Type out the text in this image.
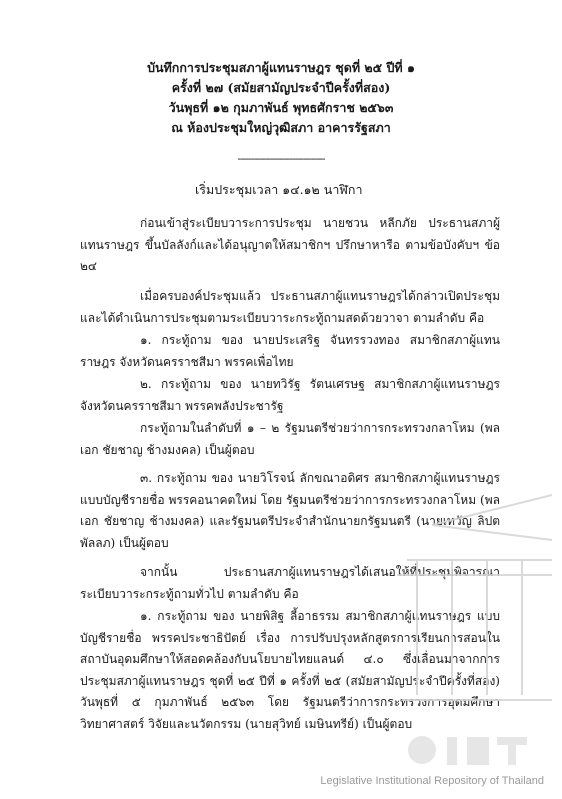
บันทึกการประชุมสภาผู้แทนราษฎร ชุดที่ ๒๕ ปีที่ ๑
ครั้งที่ ๒๗ (สมัยสามัญประจำปีครั้งที่สอง)
วันพุธที่ ๑๒ กุมภาพันธ์ พุทธศักราช ๒๕๖๓
ณ ห้องประชุมใหญ่วุฒิสภา อาคารรัฐสภา
--------------------------------
เริ่มประชุมเวลา ๑๔.๑๒ นาฬิกา

ก่อนเข้าสู่ระเบียบวาระการประชุม นายชวน หลีกภัย ประธานสภาผู้แทนราษฎร ขึ้นบัลลังก์และได้อนุญาตให้สมาชิกฯ ปรึกษาหารือ ตามข้อบังคับฯ ข้อ ๒๔

เมื่อครบองค์ประชุมแล้ว ประธานสภาผู้แทนราษฎรได้กล่าวเปิดประชุม และได้ดำเนินการประชุมตามระเบียบวาระกระทู้ถามสดด้วยวาจา ตามลำดับ คือ

๑. กระทู้ถาม ของ นายประเสริฐ จันทรรวงทอง สมาชิกสภาผู้แทนราษฎร จังหวัดนครราชสีมา พรรคเพื่อไทย

๒. กระทู้ถาม ของ นายทวิรัฐ รัตนเศรษฐ สมาชิกสภาผู้แทนราษฎร จังหวัดนครราชสีมา พรรคพลังประชารัฐ

กระทู้ถามในลำดับที่ ๑ – ๒ รัฐมนตรีช่วยว่าการกระทรวงกลาโหม (พลเอก ชัยชาญ ช้างมงคล) เป็นผู้ตอบ

๓. กระทู้ถาม ของ นายวิโรจน์ ลักขณาอดิศร สมาชิกสภาผู้แทนราษฎร แบบบัญชีรายชื่อ พรรคอนาคตใหม่ โดย รัฐมนตรีช่วยว่าการกระทรวงกลาโหม (พลเอก ชัยชาญ ช้างมงคล) และรัฐมนตรีประจำสำนักนายกรัฐมนตรี (นายเทวัญ ลิปตพัลลภ) เป็นผู้ตอบ

จากนั้น ประธานสภาผู้แทนราษฎรได้เสนอให้ที่ประชุมพิจารณา ระเบียบวาระกระทู้ถามทั่วไป ตามลำดับ คือ

๑. กระทู้ถาม ของ นายพิสิฐ ลี้อาธรรม สมาชิกสภาผู้แทนราษฎร แบบบัญชีรายชื่อ พรรคประชาธิปัตย์ เรื่อง การปรับปรุงหลักสูตรการเรียนการสอนในสถาบันอุดมศึกษาให้สอดคล้องกับนโยบายไทยแลนด์ ๔.๐ ซึ่งเลื่อนมาจากการประชุมสภาผู้แทนราษฎร ชุดที่ ๒๕ ปีที่ ๑ ครั้งที่ ๒๕ (สมัยสามัญประจำปีครั้งที่สอง) วันพุธที่ ๕ กุมภาพันธ์ ๒๕๖๓ โดย รัฐมนตรีว่าการกระทรวงการอุดมศึกษา วิทยาศาสตร์ วิจัยและนวัตกรรม (นายสุวิทย์ เมษินทรีย์) เป็นผู้ตอบ

Legislative Institutional Repository of Thailand
